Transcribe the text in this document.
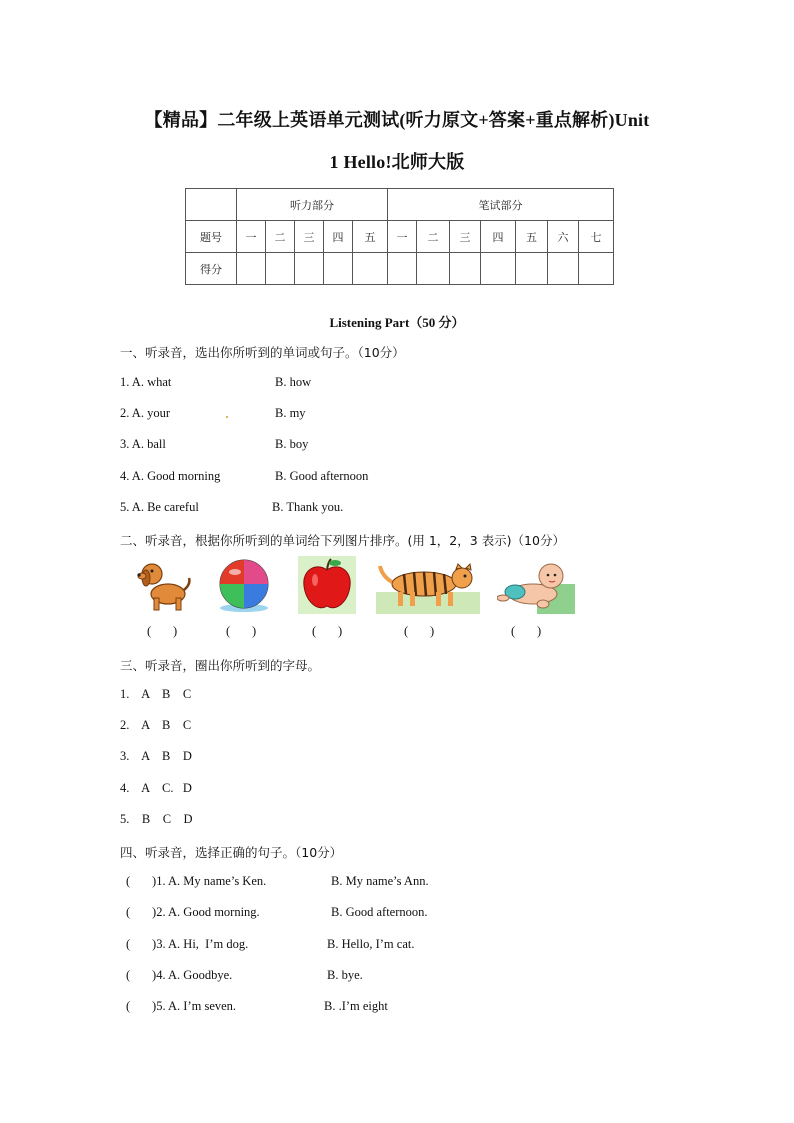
【精品】二年级上英语单元测试(听力原文+答案+重点解析)Unit
1 Hello!北师大版
	听力部分					笔试部分						
题号	一	二	三	四	五	一	二	三	四	五	六	七
得分												
Listening Part（50 分）
一、听录音，选出你所听到的单词或句子。（10分）
1. A. what	B. how
2. A. your	B. my
3. A. ball	B. boy
4. A. Good morning	B. Good afternoon
5. A. Be careful	B. Thank you.
二、听录音，根据你所听到的单词给下列图片排序。(用 1，2，3 表示)（10分）
(       )	(       )	(       )	(       )	(       )
三、听录音，圈出你所听到的字母。
1.    A    B    C
2.    A    B    C
3.    A    B    D
4.    A    C.   D
5.    B    C    D
四、听录音，选择正确的句子。（10分）
(       )1. A. My name’s Ken.	B. My name’s Ann.
(       )2. A. Good morning.	B. Good afternoon.
(       )3. A. Hi,  I’m dog.	B. Hello, I’m cat.
(       )4. A. Goodbye.	B. bye.
(       )5. A. I’m seven.	B. .I’m eight
